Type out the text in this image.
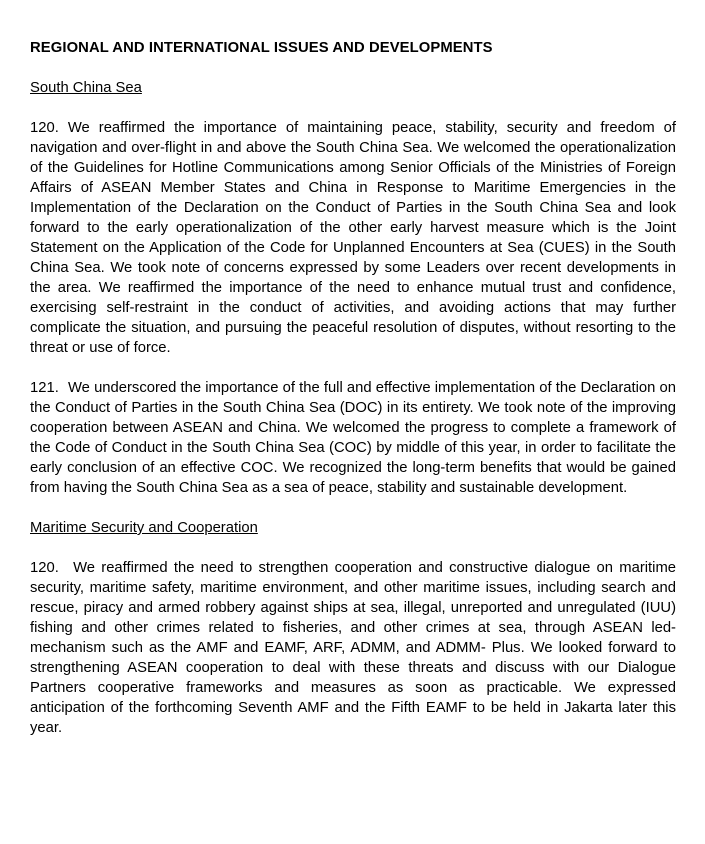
REGIONAL AND INTERNATIONAL ISSUES AND DEVELOPMENTS
South China Sea

120. We reaffirmed the importance of maintaining peace, stability, security and freedom of navigation and over-flight in and above the South China Sea. We welcomed the operationalization of the Guidelines for Hotline Communications among Senior Officials of the Ministries of Foreign Affairs of ASEAN Member States and China in Response to Maritime Emergencies in the Implementation of the Declaration on the Conduct of Parties in the South China Sea and look forward to the early operationalization of the other early harvest measure which is the Joint Statement on the Application of the Code for Unplanned Encounters at Sea (CUES) in the South China Sea. We took note of concerns expressed by some Leaders over recent developments in the area. We reaffirmed the importance of the need to enhance mutual trust and confidence, exercising self-restraint in the conduct of activities, and avoiding actions that may further complicate the situation, and pursuing the peaceful resolution of disputes, without resorting to the threat or use of force.

121. We underscored the importance of the full and effective implementation of the Declaration on the Conduct of Parties in the South China Sea (DOC) in its entirety. We took note of the improving cooperation between ASEAN and China. We welcomed the progress to complete a framework of the Code of Conduct in the South China Sea (COC) by middle of this year, in order to facilitate the early conclusion of an effective COC. We recognized the long-term benefits that would be gained from having the South China Sea as a sea of peace, stability and sustainable development.

Maritime Security and Cooperation

120. We reaffirmed the need to strengthen cooperation and constructive dialogue on maritime security, maritime safety, maritime environment, and other maritime issues, including search and rescue, piracy and armed robbery against ships at sea, illegal, unreported and unregulated (IUU) fishing and other crimes related to fisheries, and other crimes at sea, through ASEAN led-mechanism such as the AMF and EAMF, ARF, ADMM, and ADMM- Plus. We looked forward to strengthening ASEAN cooperation to deal with these threats and discuss with our Dialogue Partners cooperative frameworks and measures as soon as practicable. We expressed anticipation of the forthcoming Seventh AMF and the Fifth EAMF to be held in Jakarta later this year.
